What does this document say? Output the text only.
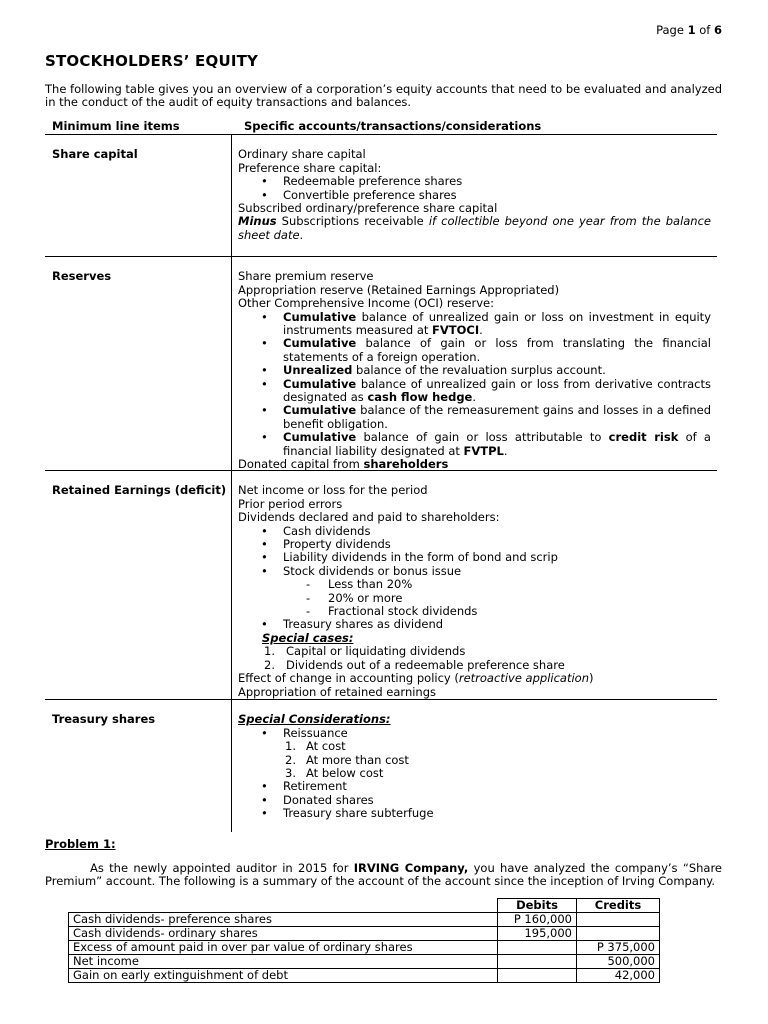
Page 1 of 6
STOCKHOLDERS’ EQUITY
The following table gives you an overview of a corporation’s equity accounts that need to be evaluated and analyzed in the conduct of the audit of equity transactions and balances.
Minimum line items	Specific accounts/transactions/considerations
Share capital	Ordinary share capital
Preference share capital:
• Redeemable preference shares
• Convertible preference shares
Subscribed ordinary/preference share capital
Minus Subscriptions receivable if collectible beyond one year from the balance sheet date.
Reserves	Share premium reserve
Appropriation reserve (Retained Earnings Appropriated)
Other Comprehensive Income (OCI) reserve:
• Cumulative balance of unrealized gain or loss on investment in equity instruments measured at FVTOCI.
• Cumulative balance of gain or loss from translating the financial statements of a foreign operation.
• Unrealized balance of the revaluation surplus account.
• Cumulative balance of unrealized gain or loss from derivative contracts designated as cash flow hedge.
• Cumulative balance of the remeasurement gains and losses in a defined benefit obligation.
• Cumulative balance of gain or loss attributable to credit risk of a financial liability designated at FVTPL.
Donated capital from shareholders
Retained Earnings (deficit)	Net income or loss for the period
Prior period errors
Dividends declared and paid to shareholders:
• Cash dividends
• Property dividends
• Liability dividends in the form of bond and scrip
• Stock dividends or bonus issue
- Less than 20%
- 20% or more
- Fractional stock dividends
• Treasury shares as dividend
Special cases:
1. Capital or liquidating dividends
2. Dividends out of a redeemable preference share
Effect of change in accounting policy (retroactive application)
Appropriation of retained earnings
Treasury shares	Special Considerations:
• Reissuance
1. At cost
2. At more than cost
3. At below cost
• Retirement
• Donated shares
• Treasury share subterfuge
Problem 1:
As the newly appointed auditor in 2015 for IRVING Company, you have analyzed the company’s “Share Premium” account. The following is a summary of the account of the account since the inception of Irving Company.
	Debits	Credits
Cash dividends- preference shares	P 160,000	
Cash dividends- ordinary shares	195,000	
Excess of amount paid in over par value of ordinary shares		P 375,000
Net income		500,000
Gain on early extinguishment of debt		42,000
